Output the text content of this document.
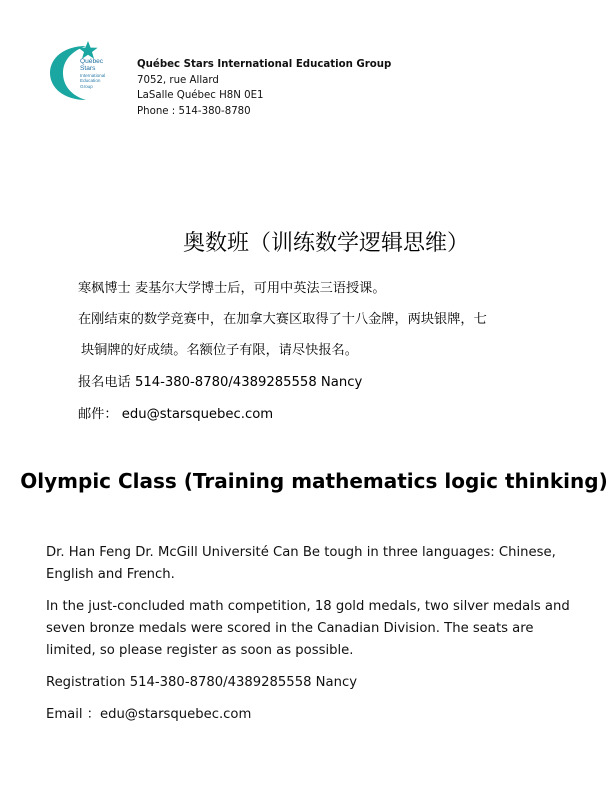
Québec
Stars
International
Education
Group
Québec Stars International Education Group
7052, rue Allard
LaSalle Québec H8N 0E1
Phone : 514-380-8780
奥数班（训练数学逻辑思维）
寒枫博士 麦基尔大学博士后，可用中英法三语授课。
在刚结束的数学竞赛中，在加拿大赛区取得了十八金牌，两块银牌，七
块铜牌的好成绩。名额位子有限，请尽快报名。
报名电话 514-380-8780/4389285558 Nancy
邮件： edu@starsquebec.com
Olympic Class (Training mathematics logic thinking)
Dr. Han Feng Dr. McGill Université Can Be tough in three languages: Chinese, English and French.
In the just-concluded math competition, 18 gold medals, two silver medals and seven bronze medals were scored in the Canadian Division. The seats are limited, so please register as soon as possible.
Registration 514-380-8780/4389285558 Nancy
Email ：edu@starsquebec.com
